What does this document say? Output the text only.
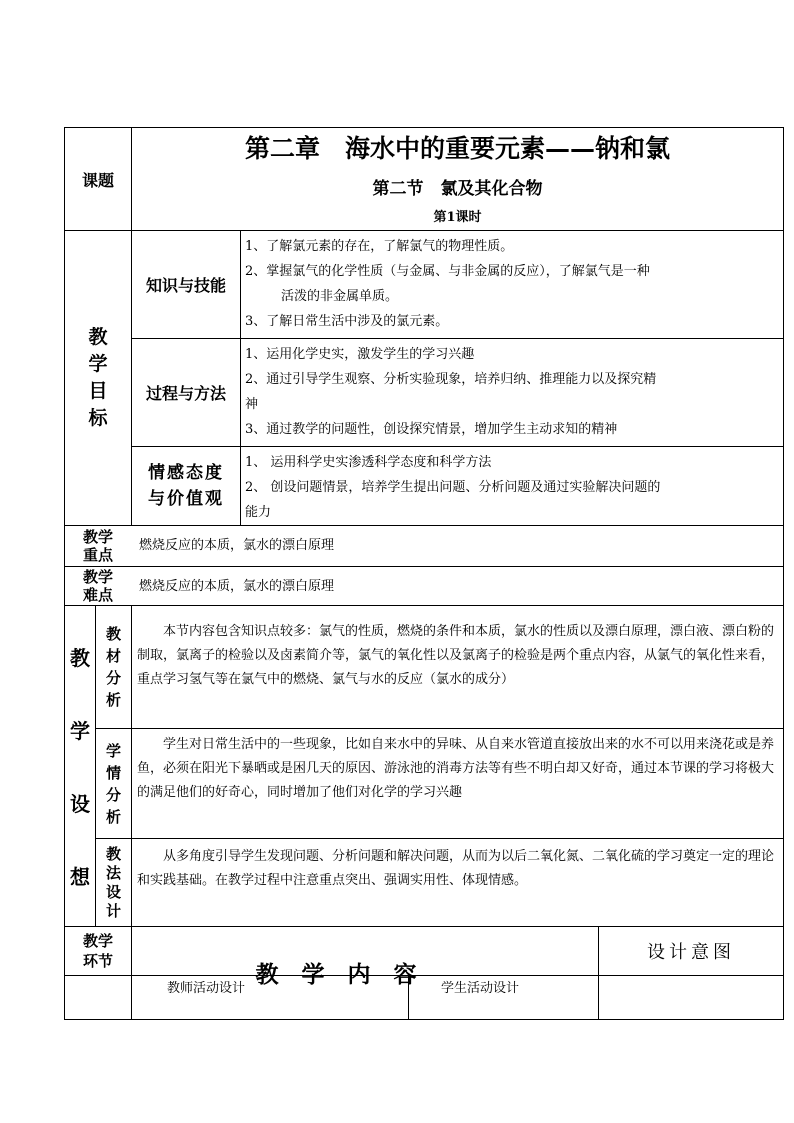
课题
第二章　海水中的重要元素——钠和氯
第二节　氯及其化合物
第1课时
教
学
目
标
知识与技能
1、了解氯元素的存在，了解氯气的物理性质。
2、掌握氯气的化学性质（与金属、与非金属的反应），了解氯气是一种
活泼的非金属单质。
3、了解日常生活中涉及的氯元素。
过程与方法
1、运用化学史实，激发学生的学习兴趣
2、通过引导学生观察、分析实验现象，培养归纳、推理能力以及探究精
神
3、通过教学的问题性，创设探究情景，增加学生主动求知的精神
情感态度
与价值观
1、 运用科学史实渗透科学态度和科学方法
2、 创设问题情景，培养学生提出问题、分析问题及通过实验解决问题的
能力
教学
重点
燃烧反应的本质，氯水的漂白原理
教学
难点 燃烧反应的本质，氯水的漂白原理
教
学
设
想
教
材
分
析
本节内容包含知识点较多：氯气的性质，燃烧的条件和本质，氯水的性质以及漂白原理，漂白液、漂白粉的制取，氯离子的检验以及卤素简介等，氯气的氧化性以及氯离子的检验是两个重点内容，从氯气的氧化性来看，重点学习氢气等在氯气中的燃烧、氯气与水的反应（氯水的成分）
学
情
分
析
学生对日常生活中的一些现象，比如自来水中的异味、从自来水管道直接放出来的水不可以用来浇花或是养鱼，必须在阳光下暴晒或是困几天的原因、游泳池的消毒方法等有些不明白却又好奇，通过本节课的学习将极大的满足他们的好奇心，同时增加了他们对化学的学习兴趣
教
法
设
计
从多角度引导学生发现问题、分析问题和解决问题，从而为以后二氧化氮、二氧化硫的学习奠定一定的理论和实践基础。在教学过程中注意重点突出、强调实用性、体现情感。
教学
环节	教　学　内　容

设计意图
教师活动设计	学生活动设计
